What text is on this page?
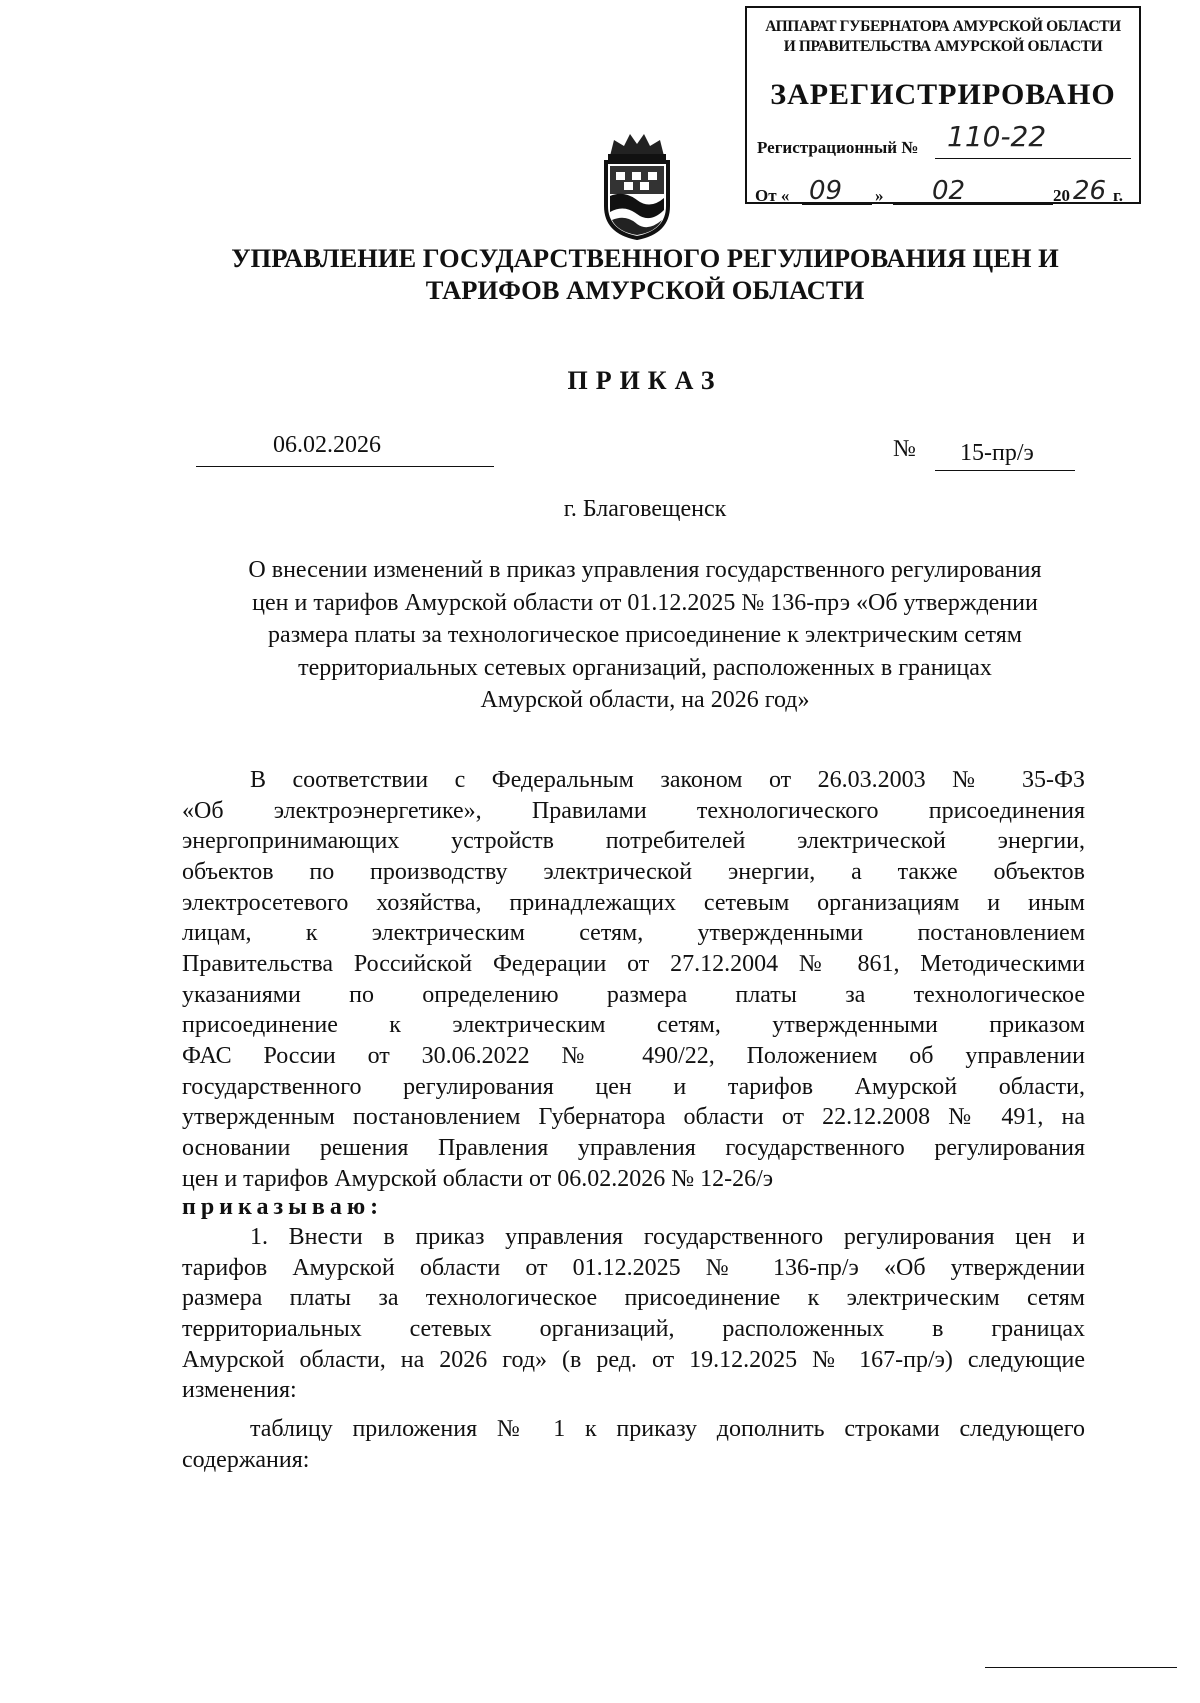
АППАРАТ ГУБЕРНАТОРА АМУРСКОЙ ОБЛАСТИ
И ПРАВИТЕЛЬСТВА АМУРСКОЙ ОБЛАСТИ
ЗАРЕГИСТРИРОВАНО
Регистрационный № 110-22
От « 09 » 02	20 26 г.
УПРАВЛЕНИЕ ГОСУДАРСТВЕННОГО РЕГУЛИРОВАНИЯ ЦЕН И
ТАРИФОВ АМУРСКОЙ ОБЛАСТИ
ПРИКАЗ
06.02.2026	№ 15-пр/э
г. Благовещенск
О внесении изменений в приказ управления государственного регулирования
цен и тарифов Амурской области от 01.12.2025 № 136-прэ «Об утверждении
размера платы за технологическое присоединение к электрическим сетям
территориальных сетевых организаций, расположенных в границах
Амурской области, на 2026 год»
В соответствии с Федеральным законом от 26.03.2003 № 35-ФЗ
«Об электроэнергетике», Правилами технологического присоединения
энергопринимающих устройств потребителей электрической энергии,
объектов по производству электрической энергии, а также объектов
электросетевого хозяйства, принадлежащих сетевым организациям и иным
лицам, к электрическим сетям, утвержденными постановлением
Правительства Российской Федерации от 27.12.2004 № 861, Методическими
указаниями по определению размера платы за технологическое
присоединение к электрическим сетям, утвержденными приказом
ФАС России от 30.06.2022 № 490/22, Положением об управлении
государственного регулирования цен и тарифов Амурской области,
утвержденным постановлением Губернатора области от 22.12.2008 № 491, на
основании решения Правления управления государственного регулирования
цен и тарифов Амурской области от 06.02.2026 № 12-26/э
приказываю:
1. Внести в приказ управления государственного регулирования цен и
тарифов Амурской области от 01.12.2025 № 136-пр/э «Об утверждении
размера платы за технологическое присоединение к электрическим сетям
территориальных сетевых организаций, расположенных в границах
Амурской области, на 2026 год» (в ред. от 19.12.2025 № 167-пр/э) следующие
изменения:
таблицу приложения № 1 к приказу дополнить строками следующего
содержания:
